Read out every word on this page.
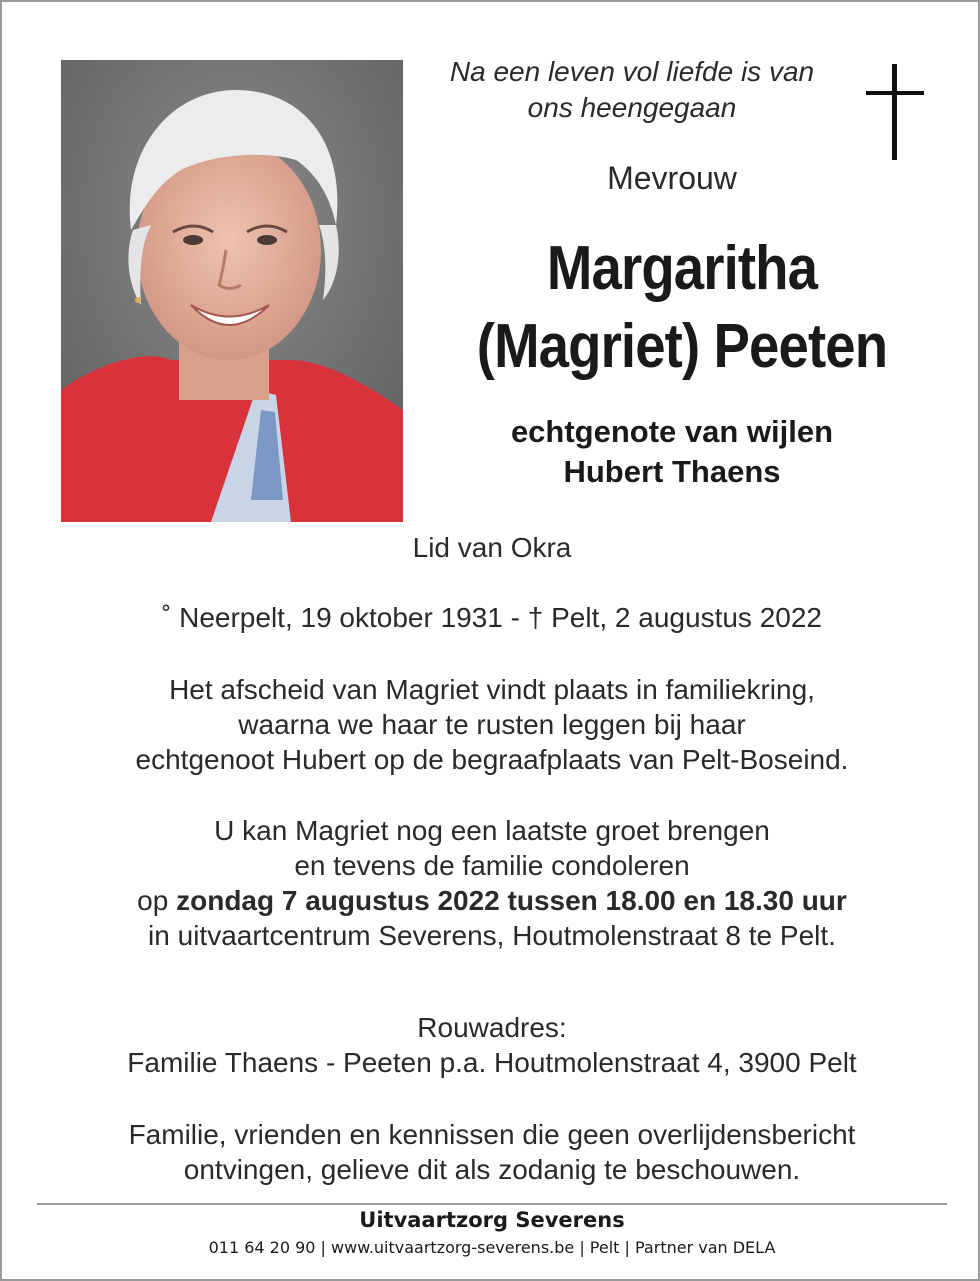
Na een leven vol liefde is van
ons heengegaan
Mevrouw
Margaritha
(Magriet) Peeten
echtgenote van wijlen
Hubert Thaens
Lid van Okra
˚ Neerpelt, 19 oktober 1931 - † Pelt, 2 augustus 2022
Het afscheid van Magriet vindt plaats in familiekring,
waarna we haar te rusten leggen bij haar
echtgenoot Hubert op de begraafplaats van Pelt-Boseind.
U kan Magriet nog een laatste groet brengen
en tevens de familie condoleren
op zondag 7 augustus 2022 tussen 18.00 en 18.30 uur
in uitvaartcentrum Severens, Houtmolenstraat 8 te Pelt.
Rouwadres:
Familie Thaens - Peeten p.a. Houtmolenstraat 4, 3900 Pelt
Familie, vrienden en kennissen die geen overlijdensbericht
ontvingen, gelieve dit als zodanig te beschouwen.
Uitvaartzorg Severens
011 64 20 90 | www.uitvaartzorg-severens.be | Pelt | Partner van DELA
